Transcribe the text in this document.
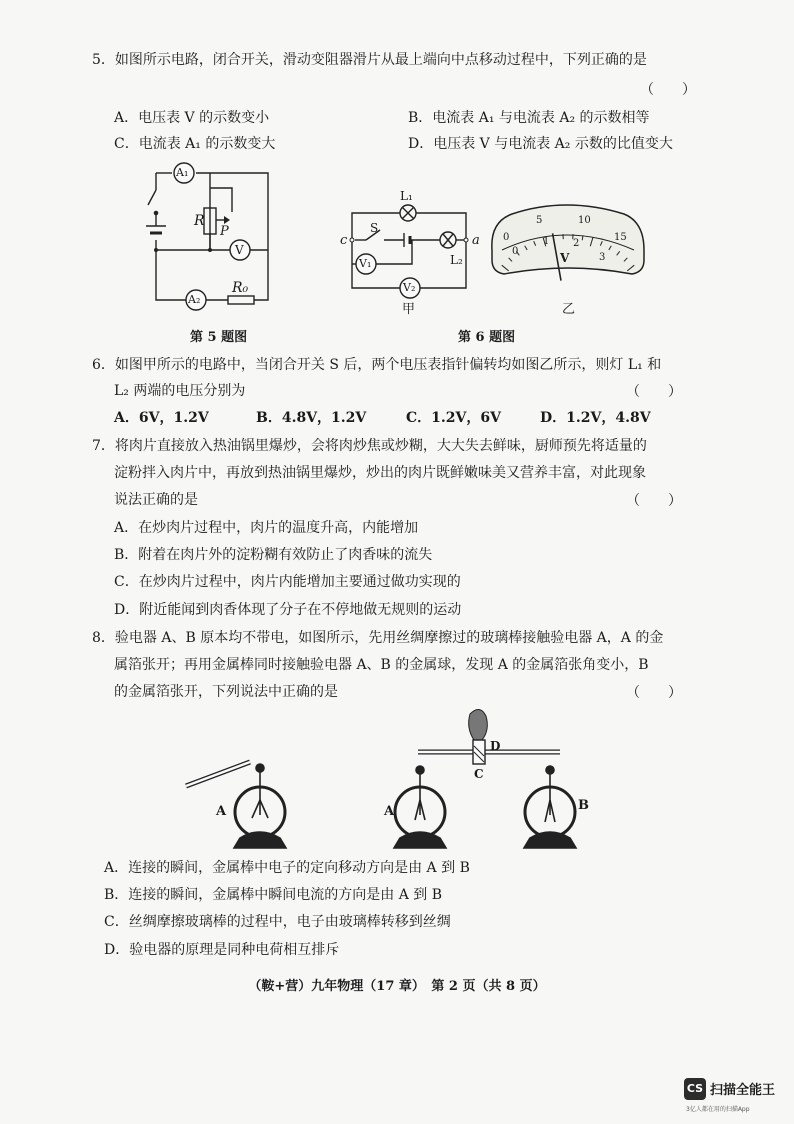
5．如图所示电路，闭合开关，滑动变阻器滑片从最上端向中点移动过程中，下列正确的是
（　　）
A．电压表 V 的示数变小	B．电流表 A₁ 与电流表 A₂ 的示数相等
C．电流表 A₁ 的示数变大	D．电压表 V 与电流表 A₂ 示数的比值变大
A₁
R
P
V
A₂
R₀
第 5 题图
L₁
S
c	a
L₂
V₁
V₂
甲
5	10
15
0
0
1 2
3
V
乙
第 6 题图
6．如图甲所示的电路中，当闭合开关 S 后，两个电压表指针偏转均如图乙所示，则灯 L₁ 和
L₂ 两端的电压分别为	（　　）
A．6V，1.2V	B．4.8V，1.2V	C．1.2V，6V	D．1.2V，4.8V
7．将肉片直接放入热油锅里爆炒，会将肉炒焦或炒糊，大大失去鲜味，厨师预先将适量的
淀粉拌入肉片中，再放到热油锅里爆炒，炒出的肉片既鲜嫩味美又营养丰富，对此现象
说法正确的是	（　　）
A．在炒肉片过程中，肉片的温度升高，内能增加
B．附着在肉片外的淀粉糊有效防止了肉香味的流失
C．在炒肉片过程中，肉片内能增加主要通过做功实现的
D．附近能闻到肉香体现了分子在不停地做无规则的运动
8．验电器 A、B 原本均不带电，如图所示，先用丝绸摩擦过的玻璃棒接触验电器 A，A 的金
属箔张开；再用金属棒同时接触验电器 A、B 的金属球，发现 A 的金属箔张角变小，B
的金属箔张开，下列说法中正确的是	（　　）
A	A	B
C
D
A．连接的瞬间，金属棒中电子的定向移动方向是由 A 到 B
B．连接的瞬间，金属棒中瞬间电流的方向是由 A 到 B
C．丝绸摩擦玻璃棒的过程中，电子由玻璃棒转移到丝绸
D．验电器的原理是同种电荷相互排斥
（鞍+营）九年物理（17 章）　第 2 页（共 8 页）
CS 扫描全能王
3亿人都在用的扫描App
